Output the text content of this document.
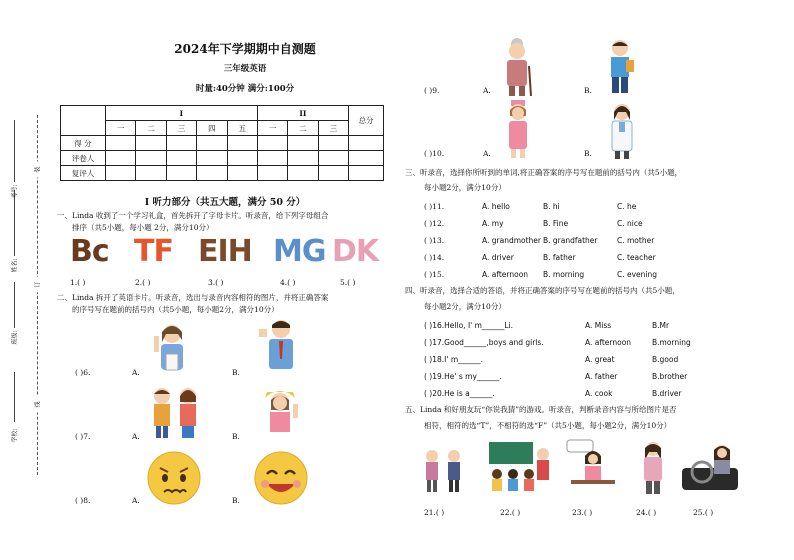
学校:
班级:
姓名:
考号:
装
订
线
2024年下学期期中自测题
三年级英语
时量:40分钟 满分:100分
	I					II			总分
	一	二	三	四	五	一	二	三	
得 分									
评卷人									
复评人									
I 听力部分（共五大题，满分 50 分）
一、Linda 收到了一个学习礼盒，首先拆开了字母卡片。听录音，给下列字母组合
排序（共5小题，每小题 2分，满分10分）
Bc TF EIH MG DK
1.( )	2.( )	3.( )	4.( )	5.( )
二、Linda 拆开了英语卡片。听录音，选出与录音内容相符的图片，并将正确答案
的序号写在题前的括号内（共5小题，每小题2分，满分10分）
( )6.	A.	B.
( )7.	A.	B.
( )8.	A.	B.
( )9.	A.	B.
( )10.	A.	B.
三、听录音，选择你所听到的单词,将正确答案的序号写在题前的括号内（共5小题，
每小题2分，满分10分）
( )11.	A. hello	B. hi	C. he
( )12.	A. my	B. Fine	C. nice
( )13.	A. grandmother B. grandfather	C. mother
( )14.	A. driver	B. father	C. teacher
( )15.	A. afternoon B. morning	C. evening
四、听录音，选择合适的答语，并将正确答案的序号写在题前的括号内（共5小题，
每小题2分，满分10分）
( )16.Hello, I' m______Li.	A. Miss	B.Mr
( )17.Good______,boys and girls.	A. afternoon	B.morning
( )18.I' m______.	A. great	B.good
( )19.He' s my______.	A. father	B.brother
( )20.He is a______.	A. cook	B.driver
五、Linda 和好朋友玩“你说我猜”的游戏。听录音，判断录音内容与所给图片是否
相符，相符的选“T”，不相符的选“F”（共5小题，每小题2分，满分10分）
21.( )	22.( )	23.( )	24.( )	25.( )
